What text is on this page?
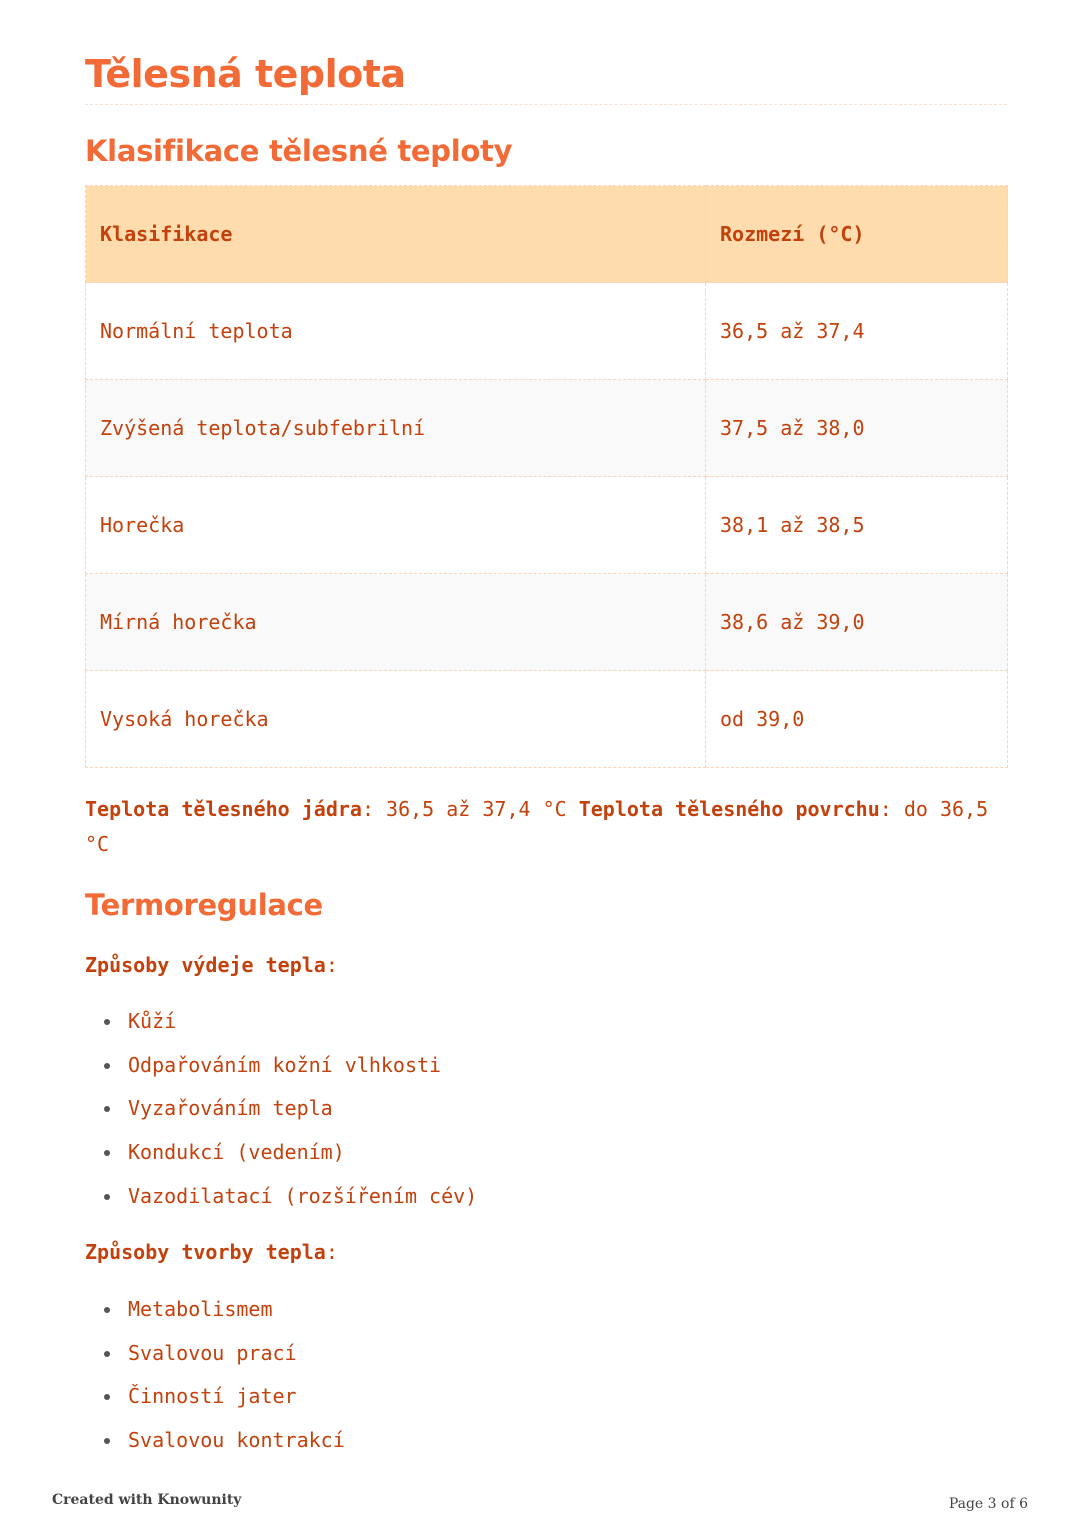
Tělesná teplota
Klasifikace tělesné teploty
Klasifikace	Rozmezí (°C)
Normální teplota	36,5 až 37,4
Zvýšená teplota/subfebrilní	37,5 až 38,0
Horečka	38,1 až 38,5
Mírná horečka	38,6 až 39,0
Vysoká horečka	od 39,0

Teplota tělesného jádra: 36,5 až 37,4 °C Teplota tělesného povrchu: do 36,5 °C

Termoregulace

Způsoby výdeje tepla:

Kůží
Odpařováním kožní vlhkosti
Vyzařováním tepla
Kondukcí (vedením)
Vazodilatací (rozšířením cév)

Způsoby tvorby tepla:

Metabolismem
Svalovou prací
Činností jater
Svalovou kontrakcí
Created with Knowunity	Page 3 of 6
